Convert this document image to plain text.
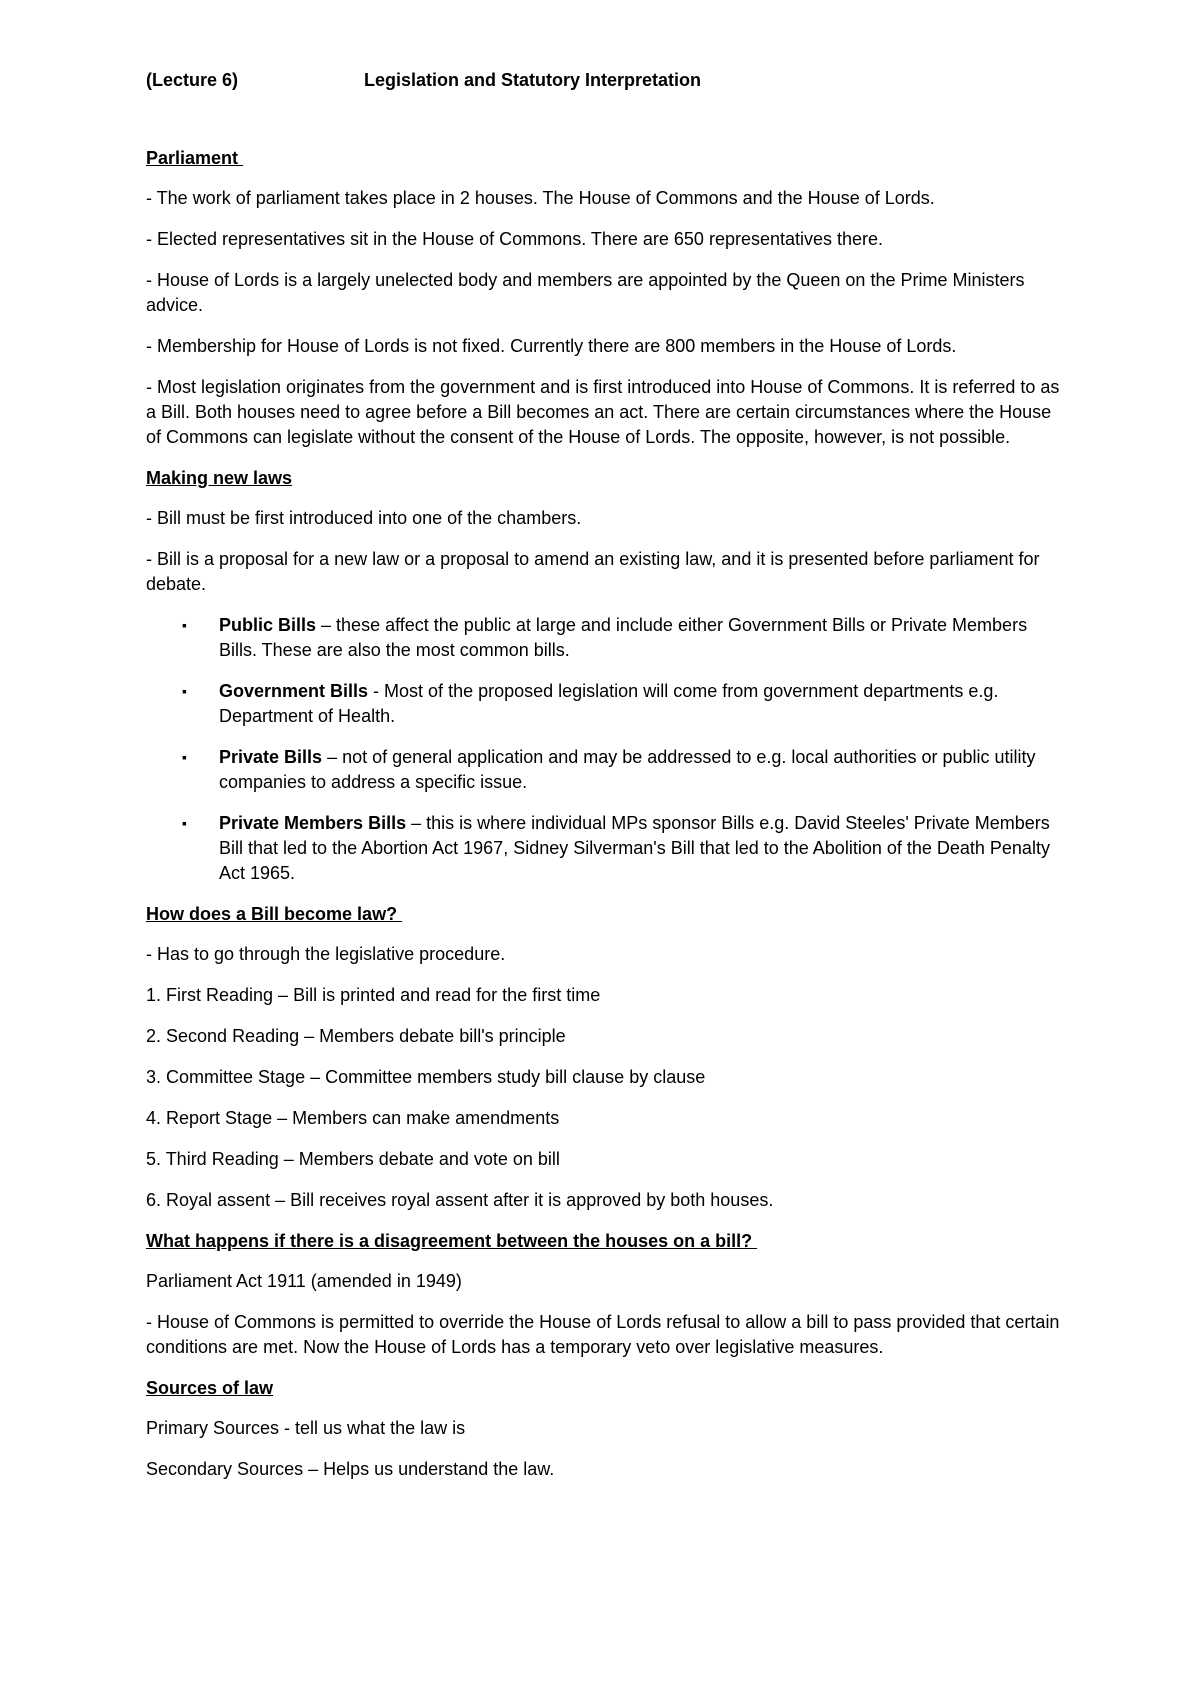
(Lecture 6)	Legislation and Statutory Interpretation
Parliament

- The work of parliament takes place in 2 houses. The House of Commons and the House of Lords.

- Elected representatives sit in the House of Commons. There are 650 representatives there.

- House of Lords is a largely unelected body and members are appointed by the Queen on the Prime Ministers advice.

- Membership for House of Lords is not fixed. Currently there are 800 members in the House of Lords.

- Most legislation originates from the government and is first introduced into House of Commons. It is referred to as a Bill. Both houses need to agree before a Bill becomes an act. There are certain circumstances where the House of Commons can legislate without the consent of the House of Lords. The opposite, however, is not possible.

Making new laws

- Bill must be first introduced into one of the chambers.

- Bill is a proposal for a new law or a proposal to amend an existing law, and it is presented before parliament for debate.

▪ Public Bills – these affect the public at large and include either Government Bills or Private Members Bills. These are also the most common bills.
▪ Government Bills - Most of the proposed legislation will come from government departments e.g. Department of Health.
▪ Private Bills – not of general application and may be addressed to e.g. local authorities or public utility companies to address a specific issue.
▪ Private Members Bills – this is where individual MPs sponsor Bills e.g. David Steeles' Private Members Bill that led to the Abortion Act 1967, Sidney Silverman's Bill that led to the Abolition of the Death Penalty Act 1965.
How does a Bill become law?

- Has to go through the legislative procedure.

1. First Reading – Bill is printed and read for the first time

2. Second Reading – Members debate bill's principle

3. Committee Stage – Committee members study bill clause by clause

4. Report Stage – Members can make amendments

5. Third Reading – Members debate and vote on bill

6. Royal assent – Bill receives royal assent after it is approved by both houses.

What happens if there is a disagreement between the houses on a bill?

Parliament Act 1911 (amended in 1949)

- House of Commons is permitted to override the House of Lords refusal to allow a bill to pass provided that certain conditions are met. Now the House of Lords has a temporary veto over legislative measures.

Sources of law

Primary Sources - tell us what the law is

Secondary Sources – Helps us understand the law.
